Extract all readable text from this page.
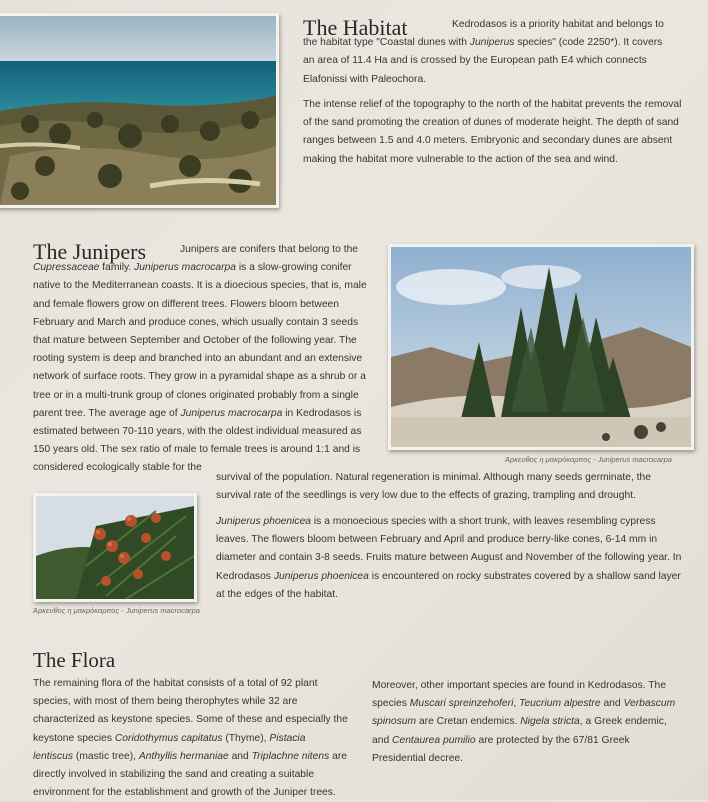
The Habitat	Kedrodasos is a priority habitat and belongs to the habitat type "Coastal dunes with Juniperus species" (code 2250*). It covers an area of 11.4 Ha and is crossed by the European path E4 which connects Elafonissi with Paleochora.

The intense relief of the topography to the north of the habitat prevents the removal of the sand promoting the creation of dunes of moderate height. The depth of sand ranges between 1.5 and 4.0 meters. Embryonic and secondary dunes are absent making the habitat more vulnerable to the action of the sea and wind.

The Junipers	Junipers are conifers that belong to the Cupressaceae family. Juniperus macrocarpa is a slow-growing conifer native to the Mediterranean coasts. It is a dioecious species, that is, male and female flowers grow on different trees. Flowers bloom between February and March and produce cones, which usually contain 3 seeds that mature between September and October of the following year. The rooting system is deep and branched into an abundant and an extensive network of surface roots. They grow in a pyramidal shape as a shrub or a tree or in a multi-trunk group of clones originated probably from a single parent tree. The average age of Juniperus macrocarpa in Kedrodasos is estimated between 70-110 years, with the oldest individual measured as 150 years old. The sex ratio of male to female trees is around 1:1 and is considered ecologically stable for the

Άρκευθος η μακρόκαρπος - Juniperus macrocarpa

survival of the population. Natural regeneration is minimal. Although many seeds germinate, the survival rate of the seedlings is very low due to the effects of grazing, trampling and drought.

Άρκευθος η μακρόκαρπος - Juniperus macrocarpa

Juniperus phoenicea is a monoecious species with a short trunk, with leaves resembling cypress leaves. The flowers bloom between February and April and produce berry-like cones, 6-14 mm in diameter and contain 3-8 seeds. Fruits mature between August and November of the following year. In Kedrodasos Juniperus phoenicea is encountered on rocky substrates covered by a shallow sand layer at the edges of the habitat.

The Flora

The remaining flora of the habitat consists of a total of 92 plant species, with most of them being therophytes while 32 are characterized as keystone species. Some of these and especially the keystone species Coridothymus capitatus (Thyme), Pistacia lentiscus (mastic tree), Anthyllis hermaniae and Triplachne nitens are directly involved in stabilizing the sand and creating a suitable environment for the establishment and growth of the Juniper trees.

Moreover, other important species are found in Kedrodasos. The species Muscari spreinzehoferi, Teucrium alpestre and Verbascum spinosum are Cretan endemics. Nigela stricta, a Greek endemic, and Centaurea pumilio are protected by the 67/81 Greek Presidential decree.
